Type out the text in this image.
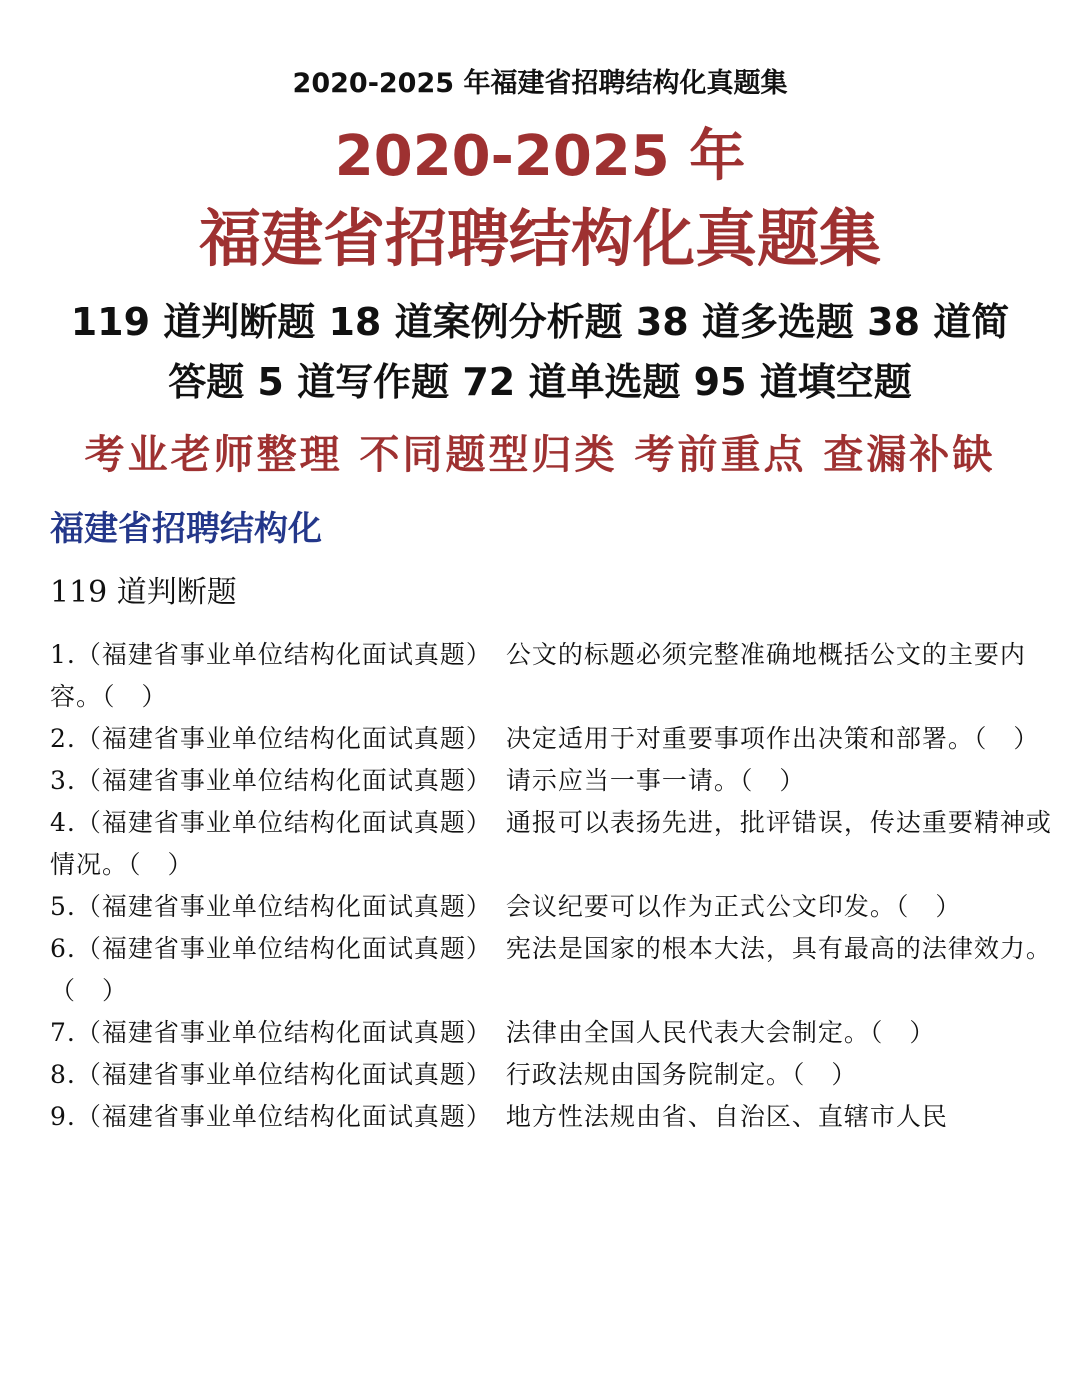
2020-2025 年福建省招聘结构化真题集
2020-2025 年
福建省招聘结构化真题集
119 道判断题 18 道案例分析题 38 道多选题 38 道简
答题 5 道写作题 72 道单选题 95 道填空题
考业老师整理 不同题型归类 考前重点 查漏补缺
福建省招聘结构化
119 道判断题

1.（福建省事业单位结构化面试真题） 公文的标题必须完整准确地概括公文的主要内容。（　）

2.（福建省事业单位结构化面试真题） 决定适用于对重要事项作出决策和部署。（　）

3.（福建省事业单位结构化面试真题） 请示应当一事一请。（　）

4.（福建省事业单位结构化面试真题） 通报可以表扬先进，批评错误，传达重要精神或情况。（　）

5.（福建省事业单位结构化面试真题） 会议纪要可以作为正式公文印发。（　）

6.（福建省事业单位结构化面试真题） 宪法是国家的根本大法，具有最高的法律效力。（　）

7.（福建省事业单位结构化面试真题） 法律由全国人民代表大会制定。（　）

8.（福建省事业单位结构化面试真题） 行政法规由国务院制定。（　）

9.（福建省事业单位结构化面试真题） 地方性法规由省、自治区、直辖市人民
